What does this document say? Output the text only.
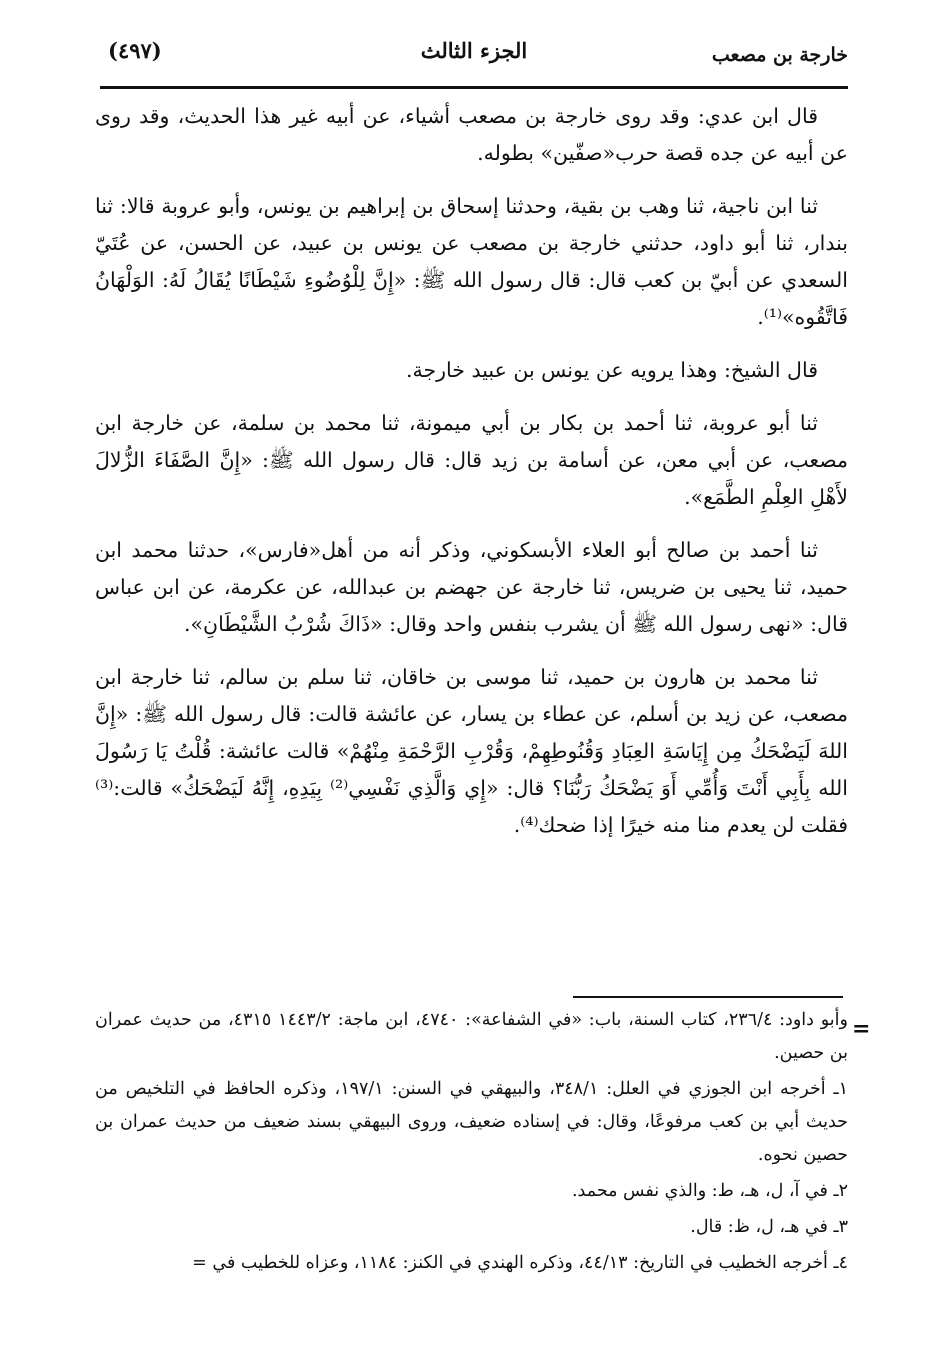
خارجة بن مصعب
الجزء الثالث
(٤٩٧)

قال ابن عدي: وقد روى خارجة بن مصعب أشياء، عن أبيه غير هذا الحديث، وقد روى عن أبيه عن جده قصة حرب«صفّين» بطوله.

ثنا ابن ناجية، ثنا وهب بن بقية، وحدثنا إسحاق بن إبراهيم بن يونس، وأبو عروبة قالا: ثنا بندار، ثنا أبو داود، حدثني خارجة بن مصعب عن يونس بن عبيد، عن الحسن، عن عُتَيّ السعدي عن أبيّ بن كعب قال: قال رسول الله ﷺ: «إِنَّ لِلْوُضُوءِ شَيْطَانًا يُقَالُ لَهُ: الوَلْهَانُ فَاتَّقُوه»⁽¹⁾.

قال الشيخ: وهذا يرويه عن يونس بن عبيد خارجة.

ثنا أبو عروبة، ثنا أحمد بن بكار بن أبي ميمونة، ثنا محمد بن سلمة، عن خارجة ابن مصعب، عن أبي معن، عن أسامة بن زيد قال: قال رسول الله ﷺ: «إِنَّ الصَّفَاءَ الزُّلالَ لأَهْلِ العِلْمِ الطَّمَع».

ثنا أحمد بن صالح أبو العلاء الأبسكوني، وذكر أنه من أهل«فارس»، حدثنا محمد ابن حميد، ثنا يحيى بن ضريس، ثنا خارجة عن جهضم بن عبدالله، عن عكرمة، عن ابن عباس قال: «نهى رسول الله ﷺ أن يشرب بنفس واحد وقال: «ذَاكَ شُرْبُ الشَّيْطَانِ».

ثنا محمد بن هارون بن حميد، ثنا موسى بن خاقان، ثنا سلم بن سالم، ثنا خارجة ابن مصعب، عن زيد بن أسلم، عن عطاء بن يسار، عن عائشة قالت: قال رسول الله ﷺ: «إِنَّ اللهَ لَيَضْحَكُ مِن إِيَاسَةِ العِبَادِ وَقُنُوطِهِمْ، وَقُرْبِ الرَّحْمَةِ مِنْهُمْ» قالت عائشة: قُلْتُ يَا رَسُولَ الله بِأَبِي أَنْتَ وَأُمِّي أَوَ يَضْحَكُ رَبُّنَا؟ قال: «إِي وَالَّذِي نَفْسِي⁽²⁾ بِيَدِهِ، إِنَّهُ لَيَضْحَكُ» قالت:⁽³⁾ فقلت لن يعدم منا منه خيرًا إذا ضحك⁽⁴⁾.

=

وأبو داود: ٢٣٦/٤، كتاب السنة، باب: «في الشفاعة»: ٤٧٤٠، ابن ماجة: ١٤٤٣/٢ ٤٣١٥، من حديث عمران بن حصين.

١ـ أخرجه ابن الجوزي في العلل: ٣٤٨/١، والبيهقي في السنن: ١٩٧/١، وذكره الحافظ في التلخيص من حديث أبي بن كعب مرفوعًا، وقال: في إسناده ضعيف، وروى البيهقي بسند ضعيف من حديث عمران بن حصين نحوه.

٢ـ في آ، ل، هـ، ط: والذي نفس محمد.

٣ـ في هـ، ل، ظ: قال.

٤ـ أخرجه الخطيب في التاريخ: ٤٤/١٣، وذكره الهندي في الكنز: ١١٨٤، وعزاه للخطيب في =
